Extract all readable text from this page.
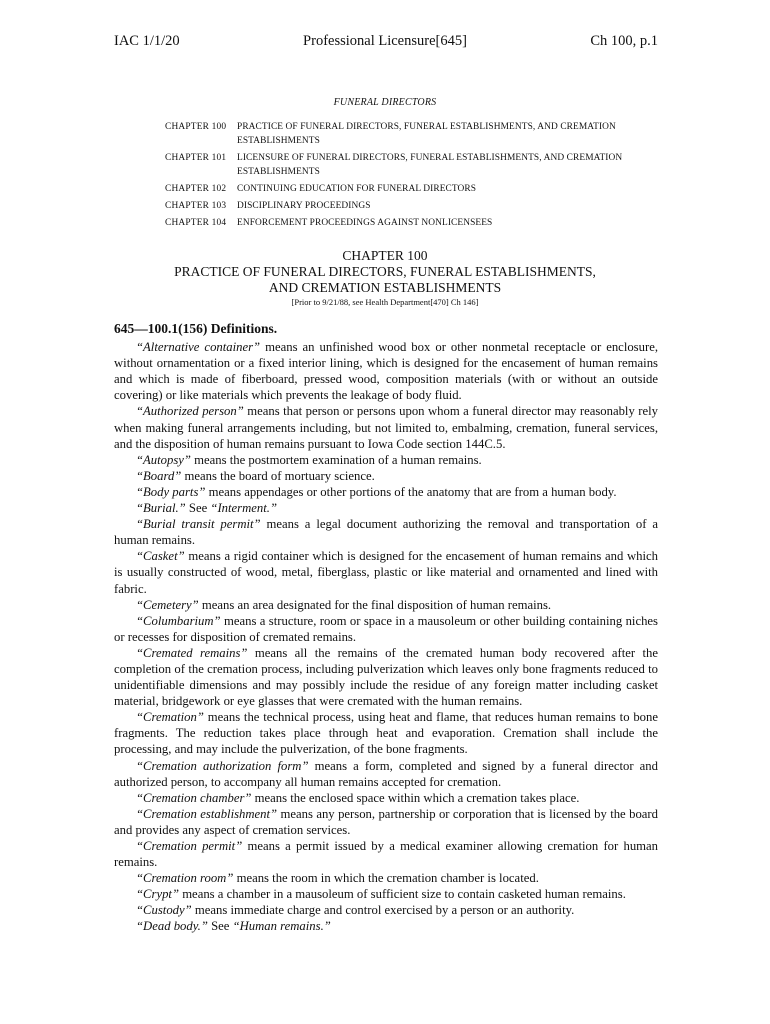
IAC 1/1/20	Professional Licensure[645]	Ch 100, p.1
FUNERAL DIRECTORS
CHAPTER 100	PRACTICE OF FUNERAL DIRECTORS, FUNERAL ESTABLISHMENTS, AND CREMATION ESTABLISHMENTS
CHAPTER 101	LICENSURE OF FUNERAL DIRECTORS, FUNERAL ESTABLISHMENTS, AND CREMATION ESTABLISHMENTS
CHAPTER 102	CONTINUING EDUCATION FOR FUNERAL DIRECTORS
CHAPTER 103	DISCIPLINARY PROCEEDINGS
CHAPTER 104	ENFORCEMENT PROCEEDINGS AGAINST NONLICENSEES
CHAPTER 100
PRACTICE OF FUNERAL DIRECTORS, FUNERAL ESTABLISHMENTS,
AND CREMATION ESTABLISHMENTS
[Prior to 9/21/88, see Health Department[470] Ch 146]
645—100.1(156) Definitions.

“Alternative container” means an unfinished wood box or other nonmetal receptacle or enclosure, without ornamentation or a fixed interior lining, which is designed for the encasement of human remains and which is made of fiberboard, pressed wood, composition materials (with or without an outside covering) or like materials which prevents the leakage of body fluid.

“Authorized person” means that person or persons upon whom a funeral director may reasonably rely when making funeral arrangements including, but not limited to, embalming, cremation, funeral services, and the disposition of human remains pursuant to Iowa Code section 144C.5.

“Autopsy” means the postmortem examination of a human remains.

“Board” means the board of mortuary science.

“Body parts” means appendages or other portions of the anatomy that are from a human body.

“Burial.” See “Interment.”

“Burial transit permit” means a legal document authorizing the removal and transportation of a human remains.

“Casket” means a rigid container which is designed for the encasement of human remains and which is usually constructed of wood, metal, fiberglass, plastic or like material and ornamented and lined with fabric.

“Cemetery” means an area designated for the final disposition of human remains.

“Columbarium” means a structure, room or space in a mausoleum or other building containing niches or recesses for disposition of cremated remains.

“Cremated remains” means all the remains of the cremated human body recovered after the completion of the cremation process, including pulverization which leaves only bone fragments reduced to unidentifiable dimensions and may possibly include the residue of any foreign matter including casket material, bridgework or eye glasses that were cremated with the human remains.

“Cremation” means the technical process, using heat and flame, that reduces human remains to bone fragments. The reduction takes place through heat and evaporation. Cremation shall include the processing, and may include the pulverization, of the bone fragments.

“Cremation authorization form” means a form, completed and signed by a funeral director and authorized person, to accompany all human remains accepted for cremation.

“Cremation chamber” means the enclosed space within which a cremation takes place.

“Cremation establishment” means any person, partnership or corporation that is licensed by the board and provides any aspect of cremation services.

“Cremation permit” means a permit issued by a medical examiner allowing cremation for human remains.

“Cremation room” means the room in which the cremation chamber is located.

“Crypt” means a chamber in a mausoleum of sufficient size to contain casketed human remains.

“Custody” means immediate charge and control exercised by a person or an authority.

“Dead body.” See “Human remains.”
